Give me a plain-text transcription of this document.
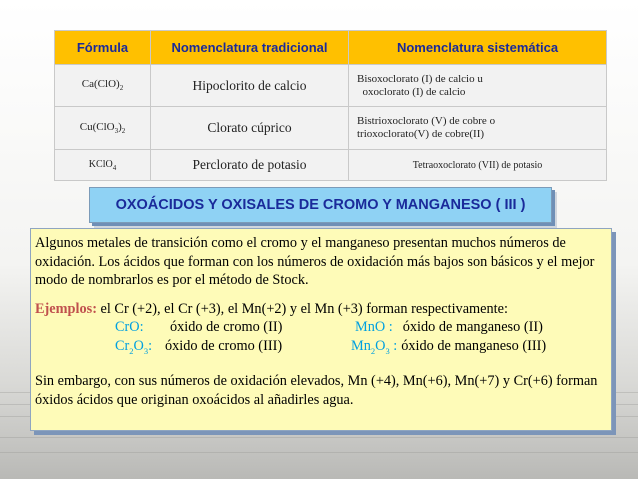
Fórmula	Nomenclatura tradicional	Nomenclatura sistemática
$Ca(ClO)_2$	Hipoclorito de calcio	Bisoxoclorato (I) de calcio u
oxoclorato (I) de calcio
$Cu(ClO_3)_2$	Clorato cúprico	Bistrioxoclorato (V) de cobre o
trioxoclorato(V) de cobre(II)
KClO$_4$	Perclorato de potasio	Tetraoxoclorato (VII) de potasio
OXOÁCIDOS Y OXISALES DE CROMO Y MANGANESO ( III )

Algunos metales de transición como el cromo y el manganeso presentan muchos números de oxidación. Los ácidos que forman con los números de oxidación más bajos son básicos y el mejor modo de nombrarlos es por el método de Stock.

Ejemplos: el Cr (+2), el Cr (+3), el Mn(+2) y el Mn (+3) forman respectivamente:

CrO:	óxido de cromo (II)	MnO : óxido de manganeso (II)
$Cr_2O_3$: óxido de cromo (III)	$Mn_2O_3$ : óxido de manganeso (III)

Sin embargo, con sus números de oxidación elevados, Mn (+4), Mn(+6), Mn(+7) y Cr(+6) forman óxidos ácidos que originan oxoácidos al añadirles agua.
